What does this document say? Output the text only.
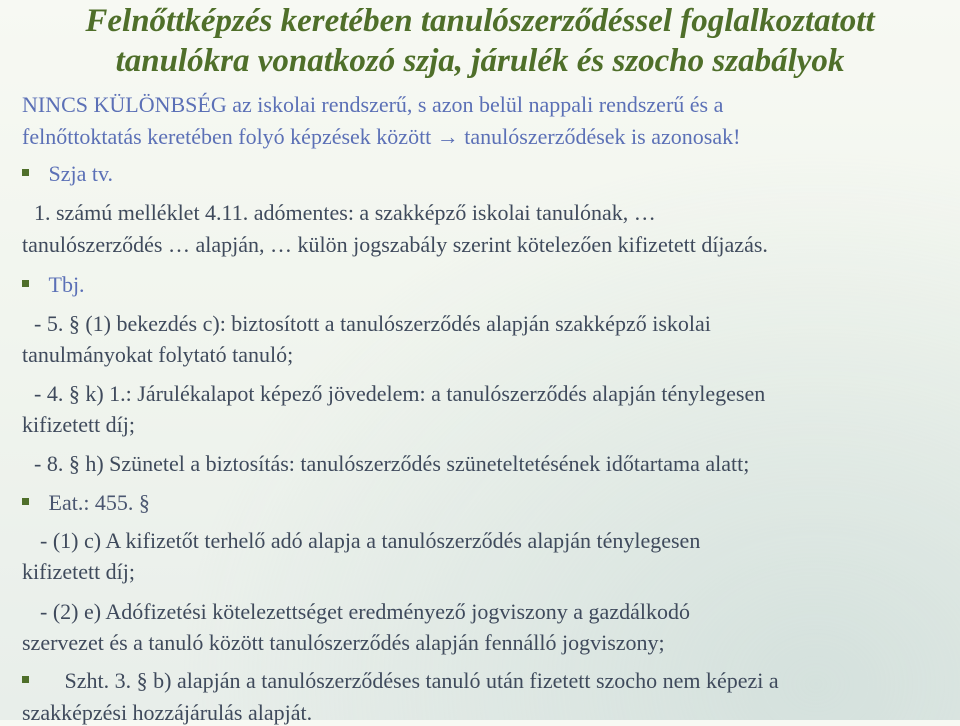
Felnőttképzés keretében tanulószerződéssel foglalkoztatott
tanulókra vonatkozó szja, járulék és szocho szabályok
NINCS KÜLÖNBSÉG az iskolai rendszerű, s azon belül nappali rendszerű és a
felnőttoktatás keretében folyó képzések között → tanulószerződések is azonosak!
Szja tv.
1. számú melléklet 4.11. adómentes: a szakképző iskolai tanulónak, …
tanulószerződés … alapján, … külön jogszabály szerint kötelezően kifizetett díjazás.
Tbj.
- 5. § (1) bekezdés c): biztosított a tanulószerződés alapján szakképző iskolai
tanulmányokat folytató tanuló;
- 4. § k) 1.: Járulékalapot képező jövedelem: a tanulószerződés alapján ténylegesen
kifizetett díj;
- 8. § h) Szünetel a biztosítás: tanulószerződés szüneteltetésének időtartama alatt;
Eat.: 455. §
- (1) c) A kifizetőt terhelő adó alapja a tanulószerződés alapján ténylegesen
kifizetett díj;
- (2) e) Adófizetési kötelezettséget eredményező jogviszony a gazdálkodó
szervezet és a tanuló között tanulószerződés alapján fennálló jogviszony;
Szht. 3. § b) alapján a tanulószerződéses tanuló után fizetett szocho nem képezi a
szakképzési hozzájárulás alapját.
